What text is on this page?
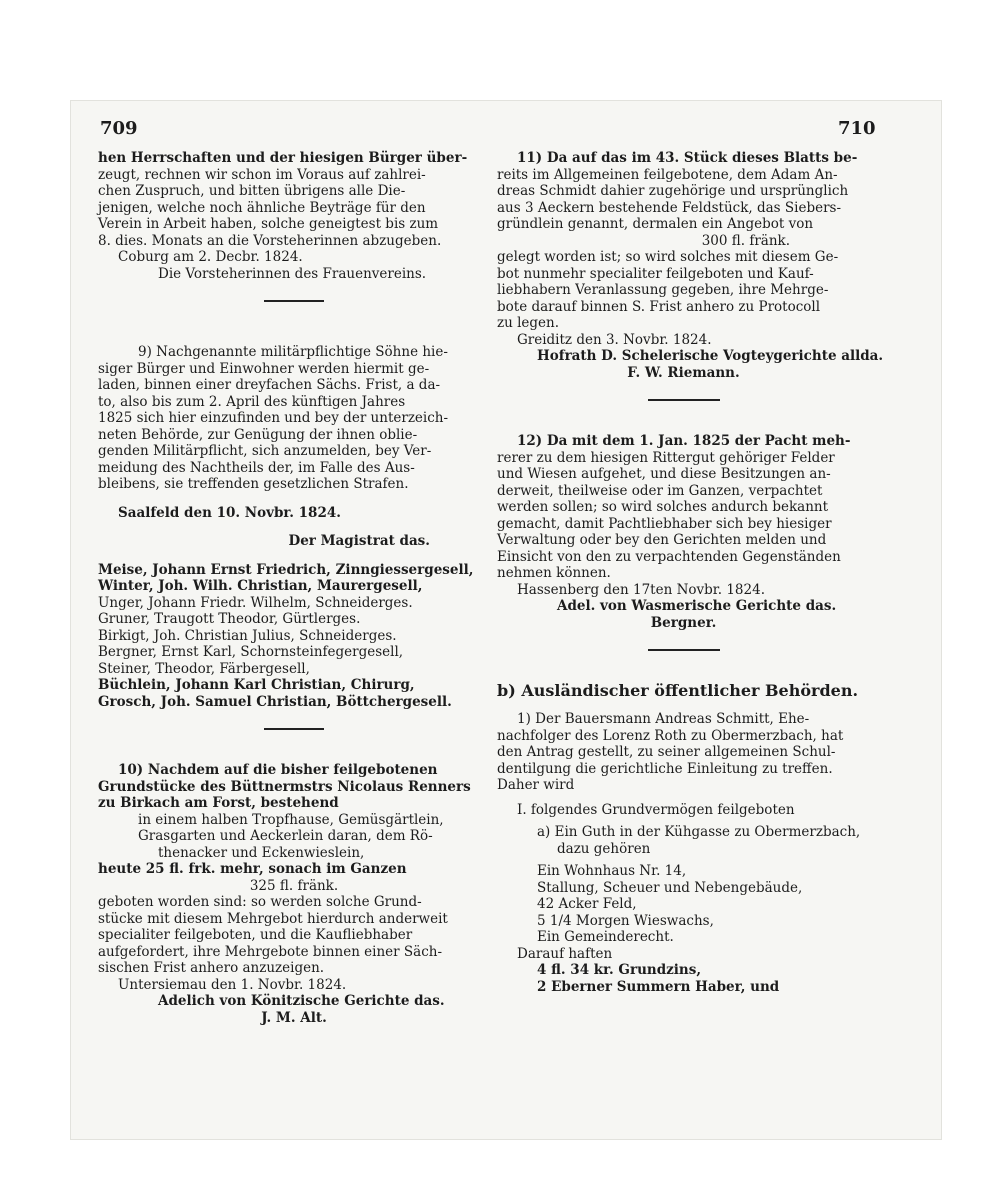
709	710
hen Herrschaften und der hiesigen Bürger über-
zeugt, rechnen wir schon im Voraus auf zahlrei-
chen Zuspruch, und bitten übrigens alle Die-
jenigen, welche noch ähnliche Beyträge für den
Verein in Arbeit haben, solche geneigtest bis zum
8. dies. Monats an die Vorsteherinnen abzugeben.
Coburg am 2. Decbr. 1824.
Die Vorsteherinnen des Frauenvereins.
9) Nachgenannte militärpflichtige Söhne hie-
siger Bürger und Einwohner werden hiermit ge-
laden, binnen einer dreyfachen Sächs. Frist, a da-
to, also bis zum 2. April des künftigen Jahres
1825 sich hier einzufinden und bey der unterzeich-
neten Behörde, zur Genügung der ihnen oblie-
genden Militärpflicht, sich anzumelden, bey Ver-
meidung des Nachtheils der, im Falle des Aus-
bleibens, sie treffenden gesetzlichen Strafen.
Saalfeld den 10. Novbr. 1824.
Der Magistrat das.
Meise, Johann Ernst Friedrich, Zinngiessergesell,
Winter, Joh. Wilh. Christian, Maurergesell,
Unger, Johann Friedr. Wilhelm, Schneiderges.
Gruner, Traugott Theodor, Gürtlerges.
Birkigt, Joh. Christian Julius, Schneiderges.
Bergner, Ernst Karl, Schornsteinfegergesell,
Steiner, Theodor, Färbergesell,
Büchlein, Johann Karl Christian, Chirurg,
Grosch, Joh. Samuel Christian, Böttchergesell.
10) Nachdem auf die bisher feilgebotenen
Grundstücke des Büttnermstrs Nicolaus Renners
zu Birkach am Forst, bestehend
in einem halben Tropfhause, Gemüsgärtlein,
Grasgarten und Aeckerlein daran, dem Rö-
thenacker und Eckenwieslein,
heute 25 fl. frk. mehr, sonach im Ganzen
325 fl. fränk.
geboten worden sind: so werden solche Grund-
stücke mit diesem Mehrgebot hierdurch anderweit
specialiter feilgeboten, und die Kaufliebhaber
aufgefordert, ihre Mehrgebote binnen einer Säch-
sischen Frist anhero anzuzeigen.
Untersiemau den 1. Novbr. 1824.
Adelich von Könitzische Gerichte das.
J. M. Alt.
11) Da auf das im 43. Stück dieses Blatts be-
reits im Allgemeinen feilgebotene, dem Adam An-
dreas Schmidt dahier zugehörige und ursprünglich
aus 3 Aeckern bestehende Feldstück, das Siebers-
gründlein genannt, dermalen ein Angebot von
300 fl. fränk.
gelegt worden ist; so wird solches mit diesem Ge-
bot nunmehr specialiter feilgeboten und Kauf-
liebhabern Veranlassung gegeben, ihre Mehrge-
bote darauf binnen S. Frist anhero zu Protocoll
zu legen.
Greiditz den 3. Novbr. 1824.
Hofrath D. Schelerische Vogteygerichte allda.
F. W. Riemann.
12) Da mit dem 1. Jan. 1825 der Pacht meh-
rerer zu dem hiesigen Rittergut gehöriger Felder
und Wiesen aufgehet, und diese Besitzungen an-
derweit, theilweise oder im Ganzen, verpachtet
werden sollen; so wird solches andurch bekannt
gemacht, damit Pachtliebhaber sich bey hiesiger
Verwaltung oder bey den Gerichten melden und
Einsicht von den zu verpachtenden Gegenständen
nehmen können.
Hassenberg den 17ten Novbr. 1824.
Adel. von Wasmerische Gerichte das.
Bergner.
b) Ausländischer öffentlicher Behörden.
1) Der Bauersmann Andreas Schmitt, Ehe-
nachfolger des Lorenz Roth zu Obermerzbach, hat
den Antrag gestellt, zu seiner allgemeinen Schul-
dentilgung die gerichtliche Einleitung zu treffen.
Daher wird
I. folgendes Grundvermögen feilgeboten
a) Ein Guth in der Kühgasse zu Obermerzbach,
dazu gehören
Ein Wohnhaus Nr. 14,
Stallung, Scheuer und Nebengebäude,
42 Acker Feld,
5 1/4 Morgen Wieswachs,
Ein Gemeinderecht.
Darauf haften
4 fl. 34 kr. Grundzins,
2 Eberner Summern Haber, und
